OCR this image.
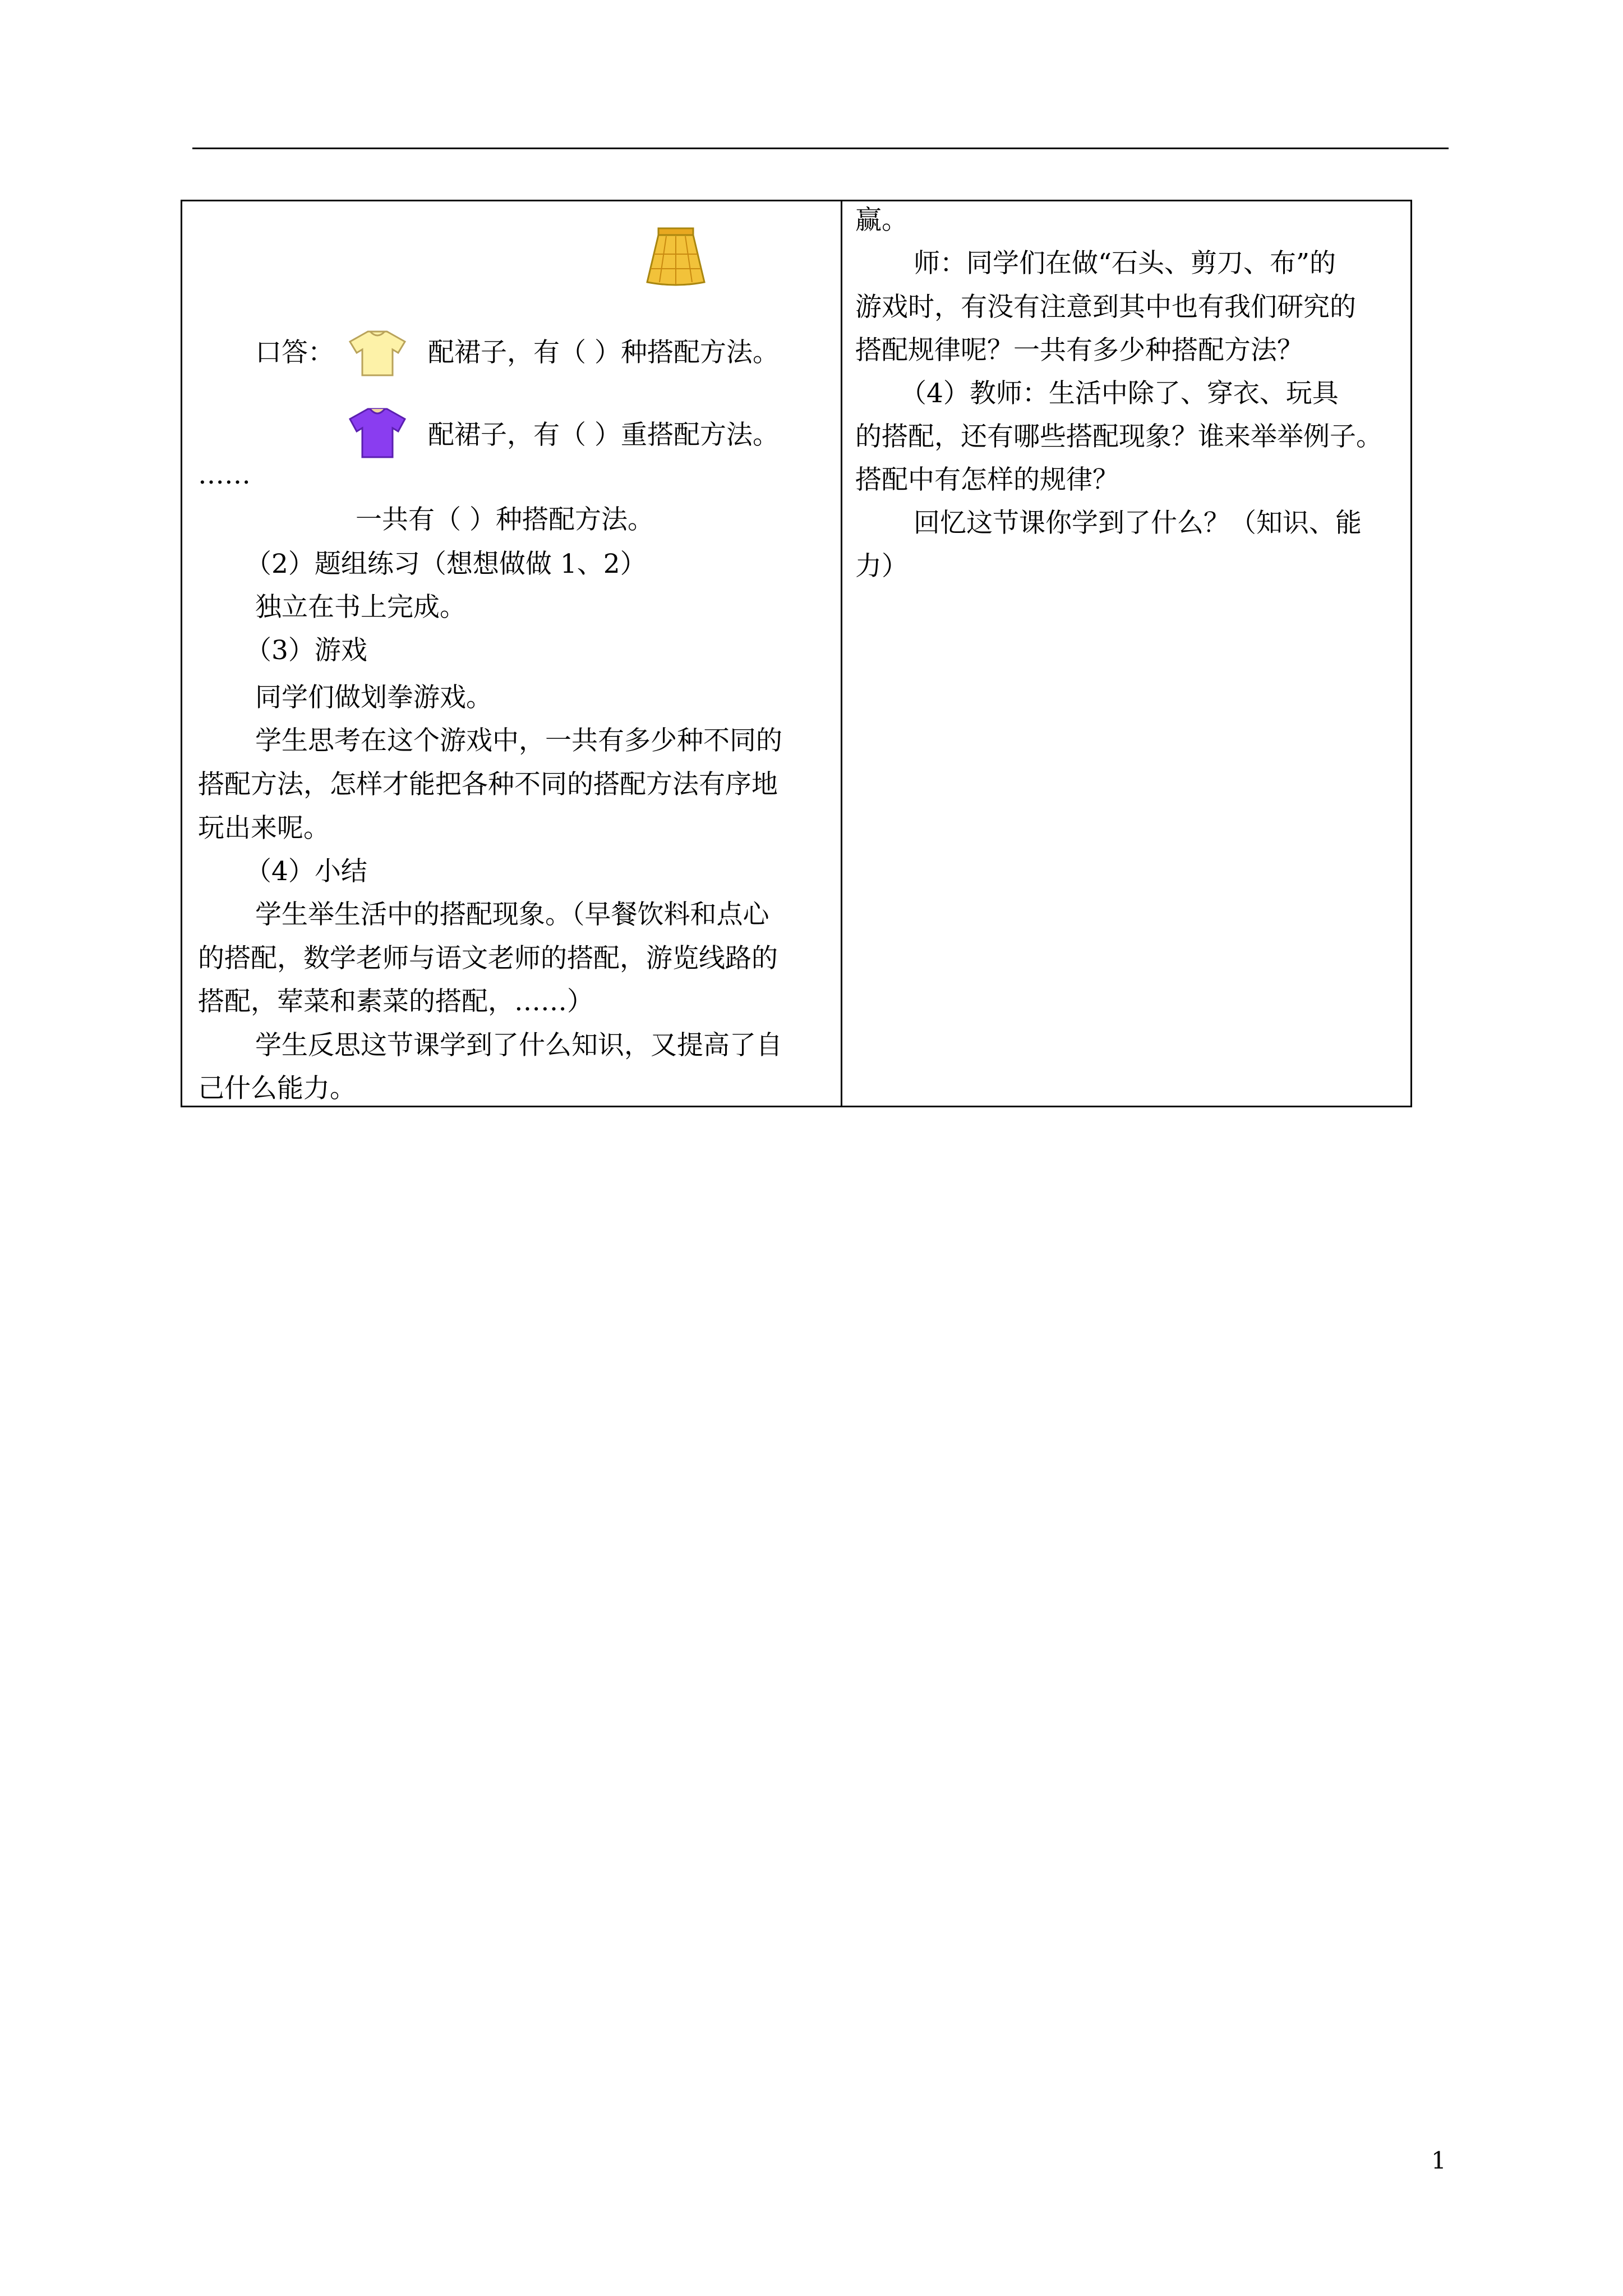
口答：	配裙子，有（ ）种搭配方法。
配裙子，有（ ）重搭配方法。
……
一共有（ ）种搭配方法。
（2）题组练习（想想做做 1、2）
独立在书上完成。
（3）游戏
同学们做划拳游戏。
学生思考在这个游戏中，一共有多少种不同的
搭配方法，怎样才能把各种不同的搭配方法有序地
玩出来呢。
（4）小结
学生举生活中的搭配现象。（早餐饮料和点心
的搭配，数学老师与语文老师的搭配，游览线路的
搭配，荤菜和素菜的搭配，……）
学生反思这节课学到了什么知识，又提高了自
己什么能力。
赢。
师：同学们在做“石头、剪刀、布”的
游戏时，有没有注意到其中也有我们研究的
搭配规律呢？一共有多少种搭配方法？
（4）教师：生活中除了、穿衣、玩具
的搭配，还有哪些搭配现象？谁来举举例子。
搭配中有怎样的规律？
回忆这节课你学到了什么？（知识、能
力）
1
